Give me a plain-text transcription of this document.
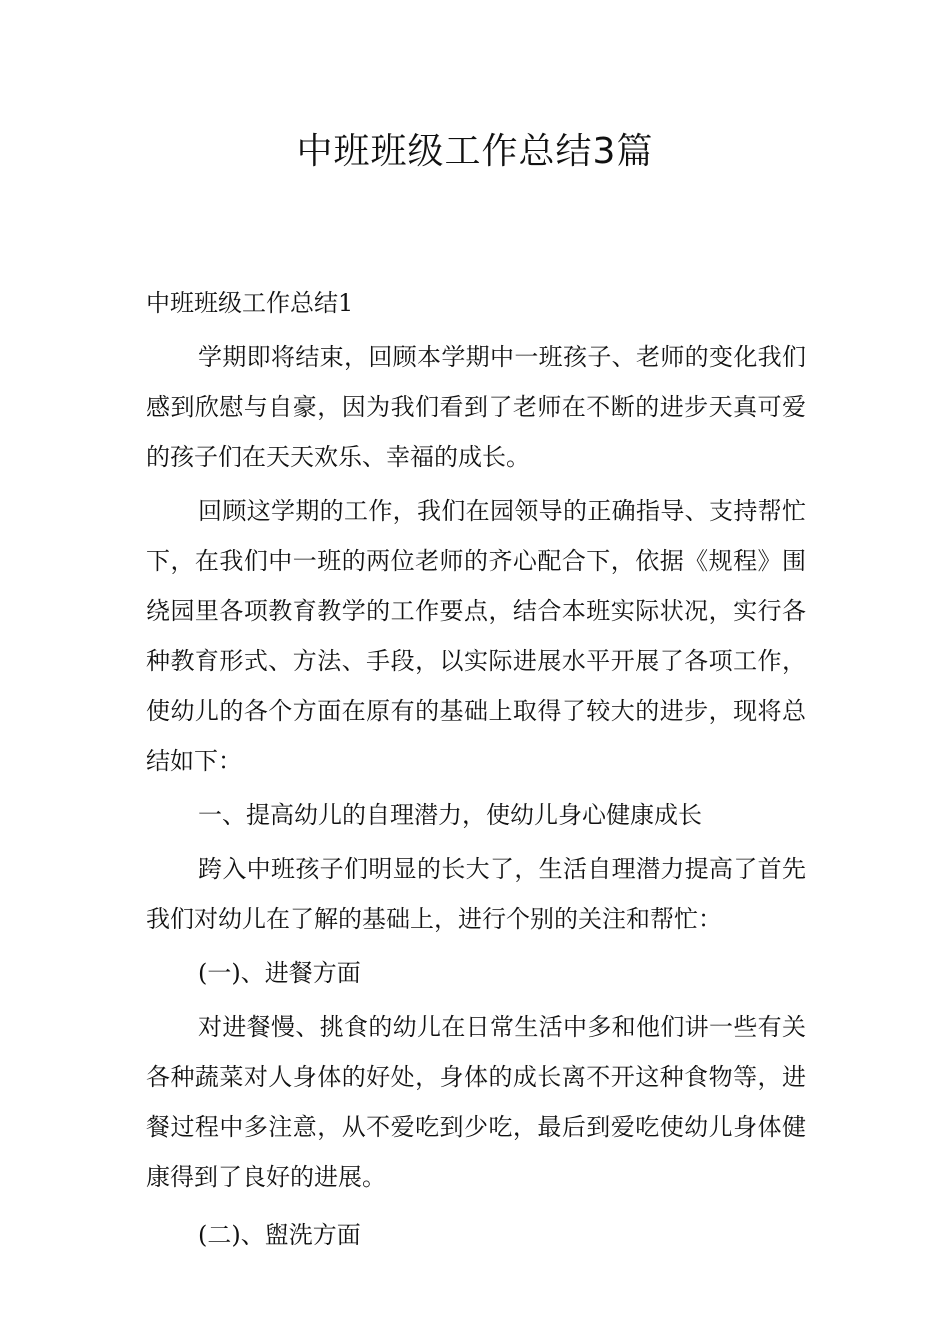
中班班级工作总结3篇

中班班级工作总结1

学期即将结束，回顾本学期中一班孩子、老师的变化我们感到欣慰与自豪，因为我们看到了老师在不断的进步天真可爱的孩子们在天天欢乐、幸福的成长。

回顾这学期的工作，我们在园领导的正确指导、支持帮忙下，在我们中一班的两位老师的齐心配合下，依据《规程》围绕园里各项教育教学的工作要点，结合本班实际状况，实行各种教育形式、方法、手段，以实际进展水平开展了各项工作，使幼儿的各个方面在原有的基础上取得了较大的进步，现将总结如下：

一、提高幼儿的自理潜力，使幼儿身心健康成长

跨入中班孩子们明显的长大了，生活自理潜力提高了首先我们对幼儿在了解的基础上，进行个别的关注和帮忙：

(一)、进餐方面

对进餐慢、挑食的幼儿在日常生活中多和他们讲一些有关各种蔬菜对人身体的好处，身体的成长离不开这种食物等，进餐过程中多注意，从不爱吃到少吃，最后到爱吃使幼儿身体健康得到了良好的进展。

(二)、盥洗方面
